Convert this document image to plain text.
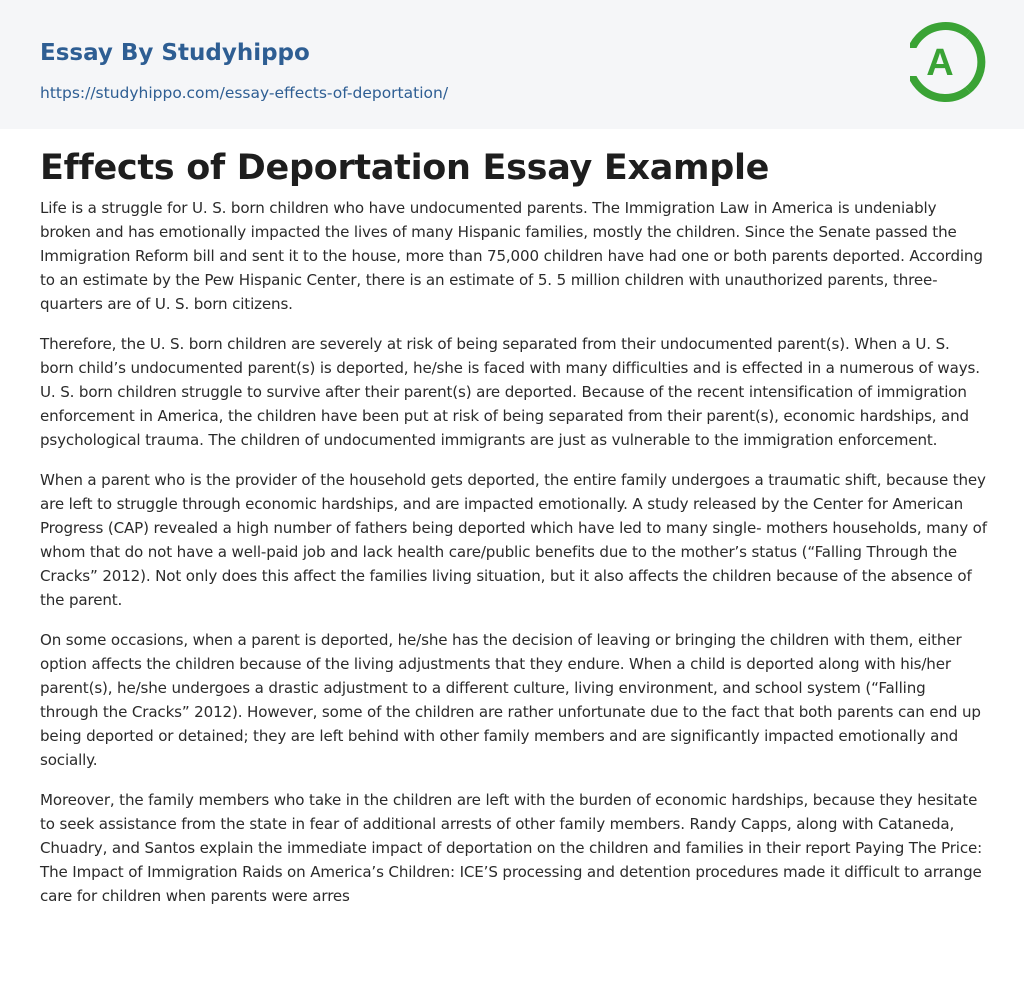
Essay By Studyhippo
https://studyhippo.com/essay-effects-of-deportation/
A
Effects of Deportation Essay Example

Life is a struggle for U. S. born children who have undocumented parents. The Immigration Law in America is undeniably broken and has emotionally impacted the lives of many Hispanic families, mostly the children. Since the Senate passed the Immigration Reform bill and sent it to the house, more than 75,000 children have had one or both parents deported. According to an estimate by the Pew Hispanic Center, there is an estimate of 5. 5 million children with unauthorized parents, three-quarters are of U. S. born citizens.

Therefore, the U. S. born children are severely at risk of being separated from their undocumented parent(s). When a U. S. born child’s undocumented parent(s) is deported, he/she is faced with many difficulties and is effected in a numerous of ways. U. S. born children struggle to survive after their parent(s) are deported. Because of the recent intensification of immigration enforcement in America, the children have been put at risk of being separated from their parent(s), economic hardships, and psychological trauma. The children of undocumented immigrants are just as vulnerable to the immigration enforcement.

When a parent who is the provider of the household gets deported, the entire family undergoes a traumatic shift, because they are left to struggle through economic hardships, and are impacted emotionally. A study released by the Center for American Progress (CAP) revealed a high number of fathers being deported which have led to many single- mothers households, many of whom that do not have a well-paid job and lack health care/public benefits due to the mother’s status (“Falling Through the Cracks” 2012). Not only does this affect the families living situation, but it also affects the children because of the absence of the parent.

On some occasions, when a parent is deported, he/she has the decision of leaving or bringing the children with them, either option affects the children because of the living adjustments that they endure. When a child is deported along with his/her parent(s), he/she undergoes a drastic adjustment to a different culture, living environment, and school system (“Falling through the Cracks” 2012). However, some of the children are rather unfortunate due to the fact that both parents can end up being deported or detained; they are left behind with other family members and are significantly impacted emotionally and socially.

Moreover, the family members who take in the children are left with the burden of economic hardships, because they hesitate to seek assistance from the state in fear of additional arrests of other family members. Randy Capps, along with Cataneda, Chuadry, and Santos explain the immediate impact of deportation on the children and families in their report Paying The Price: The Impact of Immigration Raids on America’s Children: ICE’S processing and detention procedures made it difficult to arrange care for children when parents were arres
